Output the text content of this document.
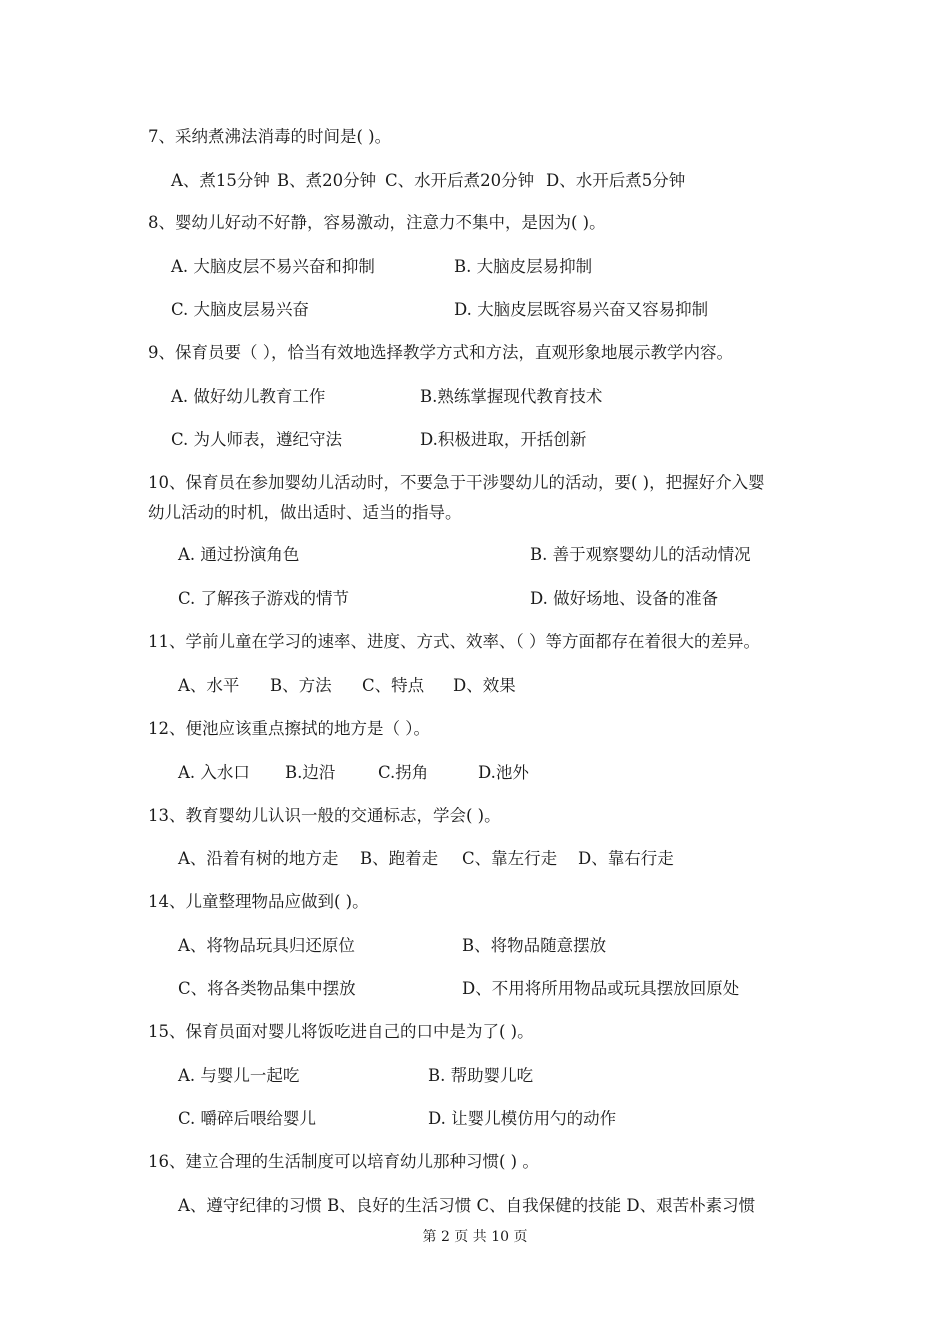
7、采纳煮沸法消毒的时间是( )。
A、煮15分钟 B、煮20分钟 C、水开后煮20分钟 D、水开后煮5分钟
8、婴幼儿好动不好静，容易激动，注意力不集中，是因为( )。
A. 大脑皮层不易兴奋和抑制	B. 大脑皮层易抑制
C. 大脑皮层易兴奋	D. 大脑皮层既容易兴奋又容易抑制
9、保育员要（ ），恰当有效地选择教学方式和方法，直观形象地展示教学内容。
A. 做好幼儿教育工作	B.熟练掌握现代教育技术
C. 为人师表，遵纪守法	D.积极进取，开括创新
10、保育员在参加婴幼儿活动时，不要急于干涉婴幼儿的活动，要( )，把握好介入婴
幼儿活动的时机，做出适时、适当的指导。
A. 通过扮演角色	B. 善于观察婴幼儿的活动情况
C. 了解孩子游戏的情节	D. 做好场地、设备的准备
11、学前儿童在学习的速率、进度、方式、效率、（ ）等方面都存在着很大的差异。
A、水平 B、方法 C、特点 D、效果
12、便池应该重点擦拭的地方是（ ）。
A. 入水口 B.边沿	C.拐角	D.池外
13、教育婴幼儿认识一般的交通标志，学会( )。
A、沿着有树的地方走 B、跑着走 C、靠左行走 D、靠右行走
14、儿童整理物品应做到( )。
A、将物品玩具归还原位	B、将物品随意摆放
C、将各类物品集中摆放	D、不用将所用物品或玩具摆放回原处
15、保育员面对婴儿将饭吃进自己的口中是为了( )。
A. 与婴儿一起吃	B. 帮助婴儿吃
C. 嚼碎后喂给婴儿	D. 让婴儿模仿用勺的动作
16、建立合理的生活制度可以培育幼儿那种习惯( ) 。
A、遵守纪律的习惯 B、良好的生活习惯 C、自我保健的技能 D、艰苦朴素习惯
第 2 页 共 10 页
